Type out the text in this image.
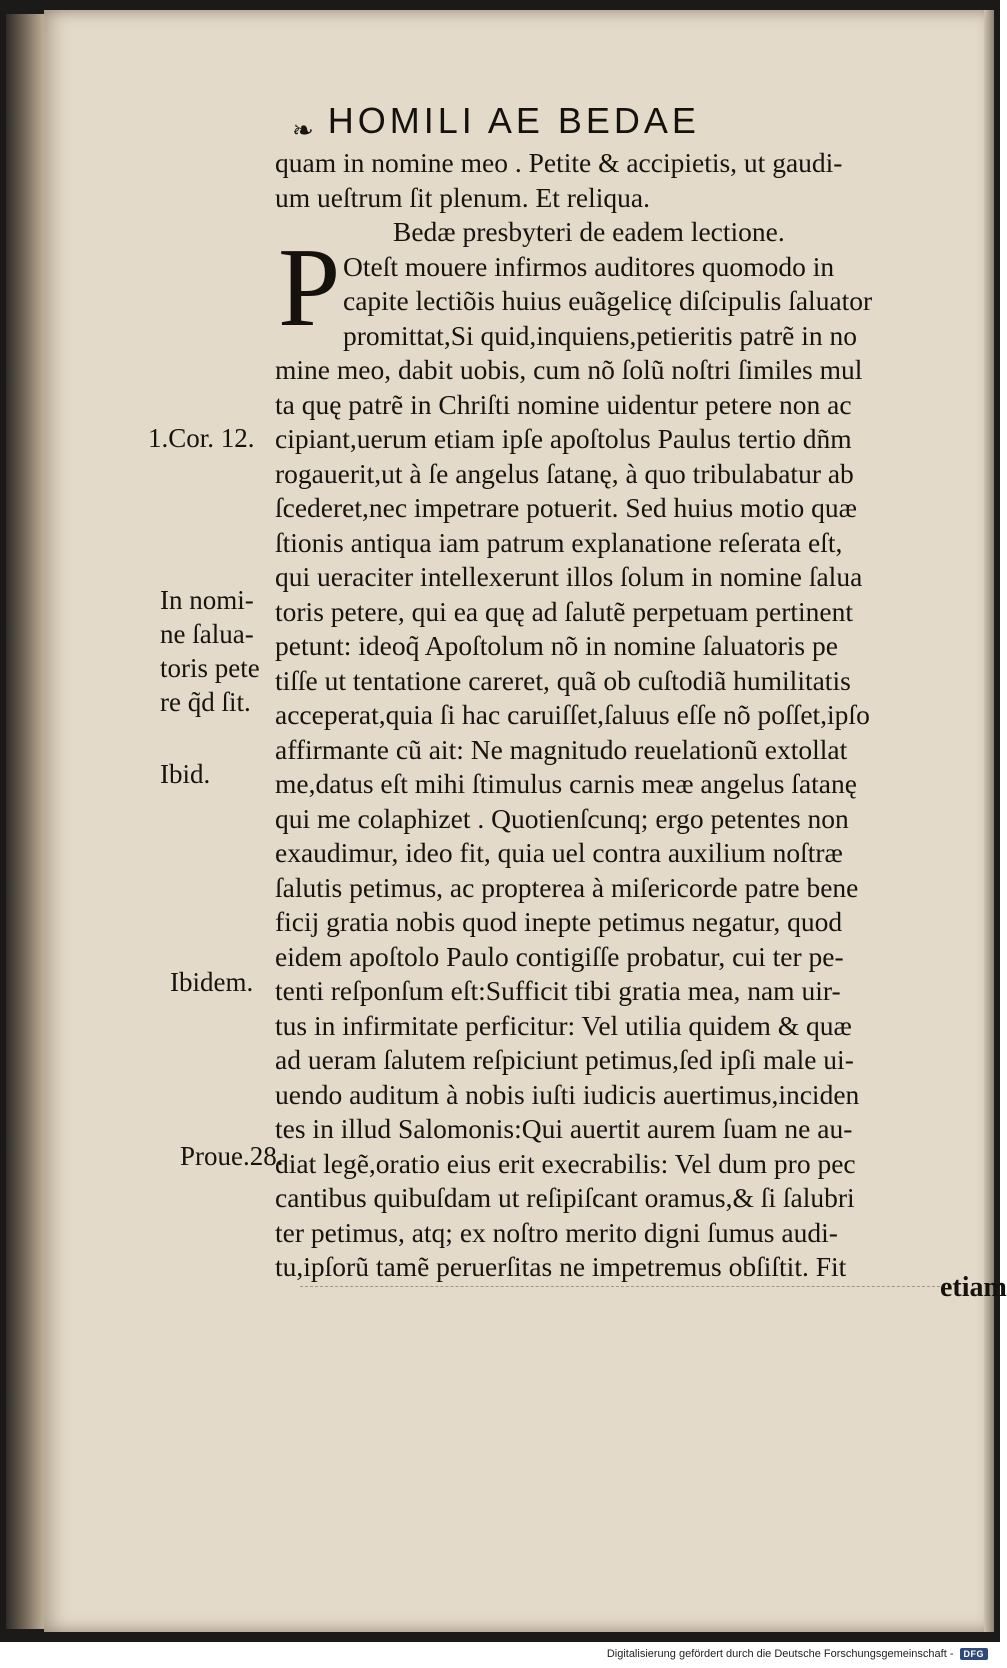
❧ HOMILI AE BEDAE
P
quam in nomine meo . Petite & accipietis, ut gaudi-
um ueſtrum ſit plenum. Et reliqua.
Bedæ presbyteri de eadem lectione.
Oteſt mouere infirmos auditores quomodo in
capite lectiõis huius euãgelicę diſcipulis ſaluator
promittat,Si quid,inquiens,petieritis patrẽ in no
mine meo, dabit uobis, cum nõ ſolũ noſtri ſimiles mul
ta quę patrẽ in Chriſti nomine uidentur petere non ac
cipiant,uerum etiam ipſe apoſtolus Paulus tertio dñm
rogauerit,ut à ſe angelus ſatanę, à quo tribulabatur ab
ſcederet,nec impetrare potuerit. Sed huius motio quæ
ſtionis antiqua iam patrum explanatione reſerata eſt,
qui ueraciter intellexerunt illos ſolum in nomine ſalua
toris petere, qui ea quę ad ſalutẽ perpetuam pertinent
petunt: ideoq̃ Apoſtolum nõ in nomine ſaluatoris pe
tiſſe ut tentatione careret, quã ob cuſtodiã humilitatis
acceperat,quia ſi hac caruiſſet,ſaluus eſſe nõ poſſet,ipſo
affirmante cũ ait: Ne magnitudo reuelationũ extollat
me,datus eſt mihi ſtimulus carnis meæ angelus ſatanę
qui me colaphizet . Quotienſcunq; ergo petentes non
exaudimur, ideo fit, quia uel contra auxilium noſtræ
ſalutis petimus, ac propterea à miſericorde patre bene
ficij gratia nobis quod inepte petimus negatur, quod
eidem apoſtolo Paulo contigiſſe probatur, cui ter pe-
tenti reſponſum eſt:Sufficit tibi gratia mea, nam uir-
tus in infirmitate perficitur: Vel utilia quidem & quæ
ad ueram ſalutem reſpiciunt petimus,ſed ipſi male ui-
uendo auditum à nobis iuſti iudicis auertimus,inciden
tes in illud Salomonis:Qui auertit aurem ſuam ne au-
diat legẽ,oratio eius erit execrabilis: Vel dum pro pec
cantibus quibuſdam ut reſipiſcant oramus,& ſi ſalubri
ter petimus, atq; ex noſtro merito digni ſumus audi-
tu,ipſorũ tamẽ peruerſitas ne impetremus obſiſtit. Fit
1.Cor. 12.
In nomi-
ne ſalua-
toris pete
re q̃d ſit.
Ibid.
Ibidem.
Proue.28.
etiam
Digitalisierung gefördert durch die Deutsche Forschungsgemeinschaft -	DFG
